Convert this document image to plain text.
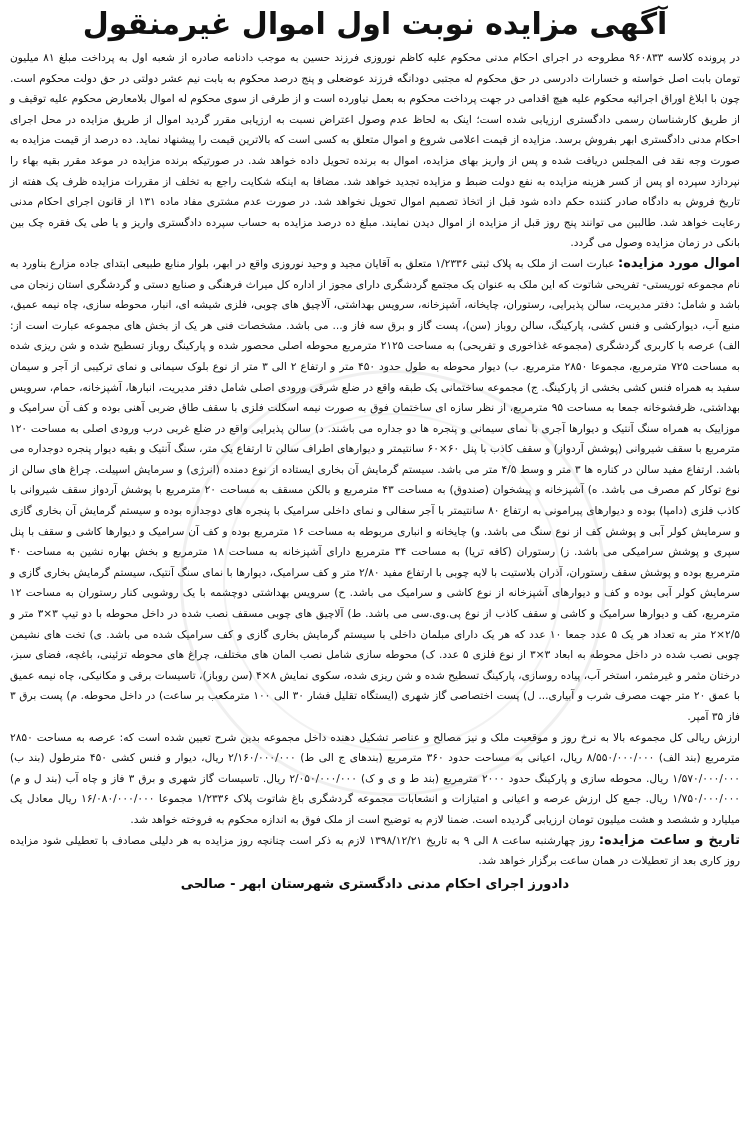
آگهی مزایده نوبت اول اموال غیرمنقول

در پرونده کلاسه ۹۶۰۸۳۳ مطروحه در اجرای احکام مدنی محکوم علیه کاظم نوروزی فرزند حسین به موجب دادنامه صادره از شعبه اول به پرداخت مبلغ ۸۱ میلیون تومان بابت اصل خواسته و خسارات دادرسی در حق محکوم له مجتبی دودانگه فرزند عوضعلی و پنج درصد محکوم به بابت نیم عشر دولتی در حق دولت محکوم است. چون با ابلاغ اوراق اجرائیه محکوم علیه هیچ اقدامی در جهت پرداخت محکوم به بعمل نیاورده است و از طرفی از سوی محکوم له اموال بلامعارض محکوم علیه توقیف و از طریق کارشناسان رسمی دادگستری ارزیابی شده است؛ اینک به لحاظ عدم وصول اعتراض نسبت به ارزیابی مقرر گردید اموال از طریق مزایده در محل اجرای احکام مدنی دادگستری ابهر بفروش برسد. مزایده از قیمت اعلامی شروع و اموال متعلق به کسی است که بالاترین قیمت را پیشنهاد نماید. ده درصد از قیمت مزایده به صورت وجه نقد فی المجلس دریافت شده و پس از واریز بهای مزایده، اموال به برنده تحویل داده خواهد شد. در صورتیکه برنده مزایده در موعد مقرر بقیه بهاء را نپردازد سپرده او پس از کسر هزینه مزایده به نفع دولت ضبط و مزایده تجدید خواهد شد. مضافا به اینکه شکایت راجع به تخلف از مقررات مزایده ظرف یک هفته از تاریخ فروش به دادگاه صادر کننده حکم داده شود قبل از اتخاذ تصمیم اموال تحویل نخواهد شد. در صورت عدم مشتری مفاد ماده ۱۳۱ از قانون اجرای احکام مدنی رعایت خواهد شد. طالبین می توانند پنج روز قبل از مزایده از اموال دیدن نمایند. مبلغ ده درصد مزایده به حساب سپرده دادگستری واریز و یا طی یک فقره چک بین بانکی در زمان مزایده وصول می گردد.

اموال مورد مزایده: عبارت است از ملک به پلاک ثبتی ۱/۲۳۳۶ متعلق به آقایان مجید و وحید نوروزی واقع در ابهر، بلوار منابع طبیعی ابتدای جاده مزارع بناورد به نام مجموعه توریستی- تفریحی شاتوت که این ملک به عنوان یک مجتمع گردشگری دارای مجوز از اداره کل میراث فرهنگی و صنایع دستی و گردشگری استان زنجان می باشد و شامل: دفتر مدیریت، سالن پذیرایی، رستوران، چایخانه، آشپزخانه، سرویس بهداشتی، آلاچیق های چوبی، فلزی شیشه ای، انبار، محوطه سازی، چاه نیمه عمیق، منبع آب، دیوارکشی و فنس کشی، پارکینگ، سالن روباز (سن)، پست گاز و برق سه فاز و... می باشد. مشخصات فنی هر یک از بخش های مجموعه عبارت است از: الف) عرصه با کاربری گردشگری (مجموعه غذاخوری و تفریحی) به مساحت ۲۱۲۵ مترمربع محوطه اصلی محصور شده و پارکینگ روباز تسطیح شده و شن ریزی شده به مساحت ۷۲۵ مترمربع، مجموعا ۲۸۵۰ مترمربع. ب) دیوار محوطه به طول حدود ۴۵۰ متر و ارتفاع ۲ الی ۳ متر از نوع بلوک سیمانی و نمای ترکیبی از آجر و سیمان سفید به همراه فنس کشی بخشی از پارکینگ. ج) مجموعه ساختمانی یک طبقه واقع در ضلع شرقی ورودی اصلی شامل دفتر مدیریت، انبارها، آشپزخانه، حمام، سرویس بهداشتی، ظرفشوخانه جمعا به مساحت ۹۵ مترمربع، از نظر سازه ای ساختمان فوق به صورت نیمه اسکلت فلزی با سقف طاق ضربی آهنی بوده و کف آن سرامیک و موزاییک به همراه سنگ آنتیک و دیوارها آجری با نمای سیمانی و پنجره ها دو جداره می باشند. د) سالن پذیرایی واقع در ضلع غربی درب ورودی اصلی به مساحت ۱۲۰ مترمربع با سقف شیروانی (پوشش آردواز) و سقف کاذب با پنل ۶۰×۶۰ سانتیمتر و دیوارهای اطراف سالن تا ارتفاع یک متر، سنگ آنتیک و بقیه دیوار پنجره دوجداره می باشد. ارتفاع مفید سالن در کناره ها ۳ متر و وسط ۴/۵ متر می باشد. سیستم گرمایش آن بخاری ایستاده از نوع دمنده (انرژی) و سرمایش اسپیلت. چراغ های سالن از نوع توکار کم مصرف می باشد. ه) آشپزخانه و پیشخوان (صندوق) به مساحت ۴۳ مترمربع و بالکن مسقف به مساحت ۲۰ مترمربع با پوشش آردواز سقف شیروانی با کاذب فلزی (دامپا) بوده و دیوارهای پیرامونی به ارتفاع ۸۰ سانتیمتر با آجر سفالی و نمای داخلی سرامیک با پنجره های دوجداره بوده و سیستم گرمایش آن بخاری گازی و سرمایش کولر آبی و پوشش کف از نوع سنگ می باشد. و) چایخانه و انباری مربوطه به مساحت ۱۶ مترمربع بوده و کف آن سرامیک و دیوارها کاشی و سقف با پنل سپری و پوشش سرامیکی می باشد. ز) رستوران (کافه تریا) به مساحت ۳۴ مترمربع دارای آشپزخانه به مساحت ۱۸ مترمربع و بخش بهاره نشین به مساحت ۴۰ مترمربع بوده و پوشش سقف رستوران، آذران بلاستیت با لایه چوبی با ارتفاع مفید ۲/۸۰ متر و کف سرامیک، دیوارها با نمای سنگ آنتیک، سیستم گرمایش بخاری گازی و سرمایش کولر آبی بوده و کف و دیوارهای آشپزخانه از نوع کاشی و سرامیک می باشد. ح) سرویس بهداشتی دوچشمه با یک روشویی کنار رستوران به مساحت ۱۲ مترمربع، کف و دیوارها سرامیک و کاشی و سقف کاذب از نوع پی.وی.سی می باشد. ط) آلاچیق های چوبی مسقف نصب شده در داخل محوطه با دو تیپ ۳×۳ متر و ۲/۵×۲ متر به تعداد هر یک ۵ عدد جمعا ۱۰ عدد که هر یک دارای مبلمان داخلی با سیستم گرمایش بخاری گازی و کف سرامیک شده می باشد. ی) تخت های نشیمن چوبی نصب شده در داخل محوطه به ابعاد ۳×۳ از نوع فلزی ۵ عدد. ک) محوطه سازی شامل نصب المان های مختلف، چراغ های محوطه تزئینی، باغچه، فضای سبز، درختان مثمر و غیرمثمر، استخر آب، پیاده روسازی، پارکینگ تسطیح شده و شن ریزی شده، سکوی نمایش ۸×۴ (سن روباز)، تاسیسات برقی و مکانیکی، چاه نیمه عمیق با عمق ۲۰ متر جهت مصرف شرب و آبیاری... ل) پست اختصاصی گاز شهری (ایستگاه تقلیل فشار ۳۰ الی ۱۰۰ مترمکعب بر ساعت) در داخل محوطه. م) پست برق ۳ فاز ۳۵ آمپر.

ارزش ریالی کل مجموعه بالا به نرخ روز و موقعیت ملک و نیز مصالح و عناصر تشکیل دهنده داخل مجموعه بدین شرح تعیین شده است که: عرصه به مساحت ۲۸۵۰ مترمربع (بند الف) ۸/۵۵۰/۰۰۰/۰۰۰ ریال، اعیانی به مساحت حدود ۳۶۰ مترمربع (بندهای ج الی ط) ۲/۱۶۰/۰۰۰/۰۰۰ ریال، دیوار و فنس کشی ۴۵۰ مترطول (بند ب) ۱/۵۷۰/۰۰۰/۰۰۰ ریال. محوطه سازی و پارکینگ حدود ۲۰۰۰ مترمربع (بند ط و ی و ک) ۲/۰۵۰/۰۰۰/۰۰۰ ریال. تاسیسات گاز شهری و برق ۳ فاز و چاه آب (بند ل و م) ۱/۷۵۰/۰۰۰/۰۰۰ ریال. جمع کل ارزش عرصه و اعیانی و امتیازات و انشعابات مجموعه گردشگری باغ شاتوت پلاک ۱/۲۳۳۶ مجموعا ۱۶/۰۸۰/۰۰۰/۰۰۰ ریال معادل یک میلیارد و ششصد و هشت میلیون تومان ارزیابی گردیده است. ضمنا لازم به توضیح است از ملک فوق به اندازه محکوم به فروخته خواهد شد.

تاریخ و ساعت مزایده: روز چهارشنبه ساعت ۸ الی ۹ به تاریخ ۱۳۹۸/۱۲/۲۱ لازم به ذکر است چنانچه روز مزایده به هر دلیلی مصادف با تعطیلی شود مزایده روز کاری بعد از تعطیلات در همان ساعت برگزار خواهد شد.

دادورز اجرای احکام مدنی دادگستری شهرستان ابهر - صالحی
